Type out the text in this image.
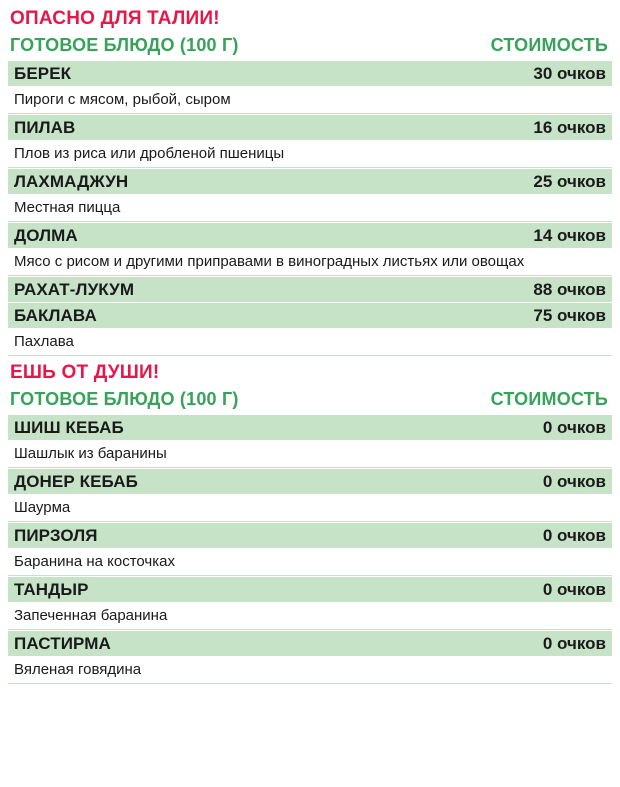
ОПАСНО ДЛЯ ТАЛИИ!
ГОТОВОЕ БЛЮДО (100 Г)	СТОИМОСТЬ
БЕРЕК	30 очков
Пироги с мясом, рыбой, сыром
ПИЛАВ	16 очков
Плов из риса или дробленой пшеницы
ЛАХМАДЖУН	25 очков
Местная пицца
ДОЛМА	14 очков
Мясо с рисом и другими приправами в виноградных листьях или овощах
РАХАТ-ЛУКУМ	88 очков
БАКЛАВА	75 очков
Пахлава
ЕШЬ ОТ ДУШИ!
ГОТОВОЕ БЛЮДО (100 Г)	СТОИМОСТЬ
ШИШ КЕБАБ	0 очков
Шашлык из баранины
ДОНЕР КЕБАБ	0 очков
Шаурма
ПИРЗОЛЯ	0 очков
Баранина на косточках
ТАНДЫР	0 очков
Запеченная баранина
ПАСТИРМА	0 очков
Вяленая говядина
